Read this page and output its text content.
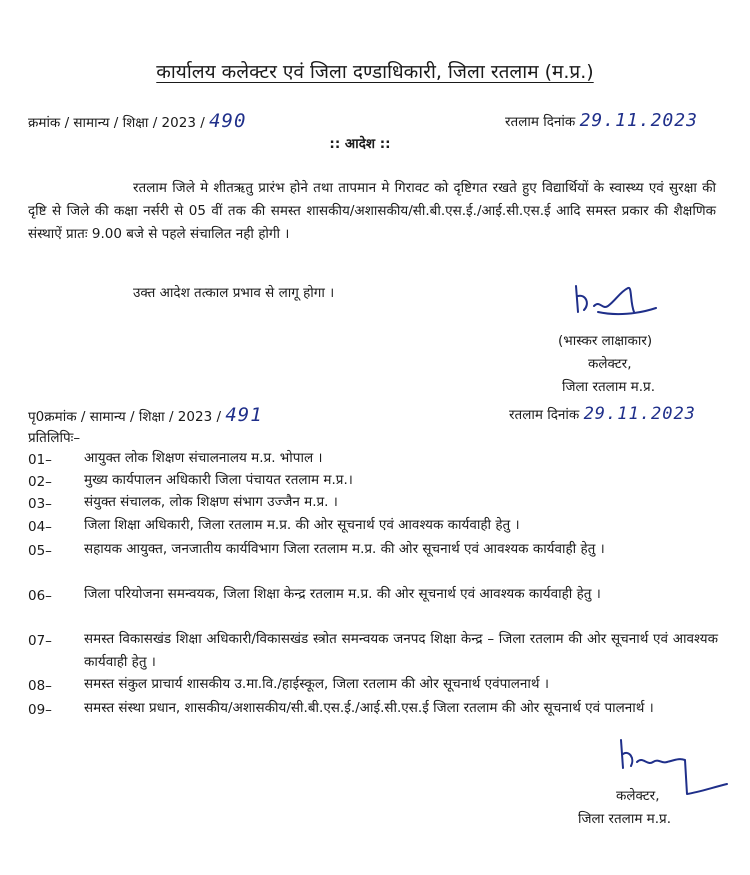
कार्यालय कलेक्टर एवं जिला दण्डाधिकारी, जिला रतलाम (म.प्र.)
क्रमांक / सामान्य / शिक्षा / 2023 / 490	रतलाम दिनांक 29.11.2023
:: आदेश ::
रतलाम जिले मे शीतऋतु प्रारंभ होने तथा तापमान मे गिरावट को दृष्टिगत रखते हुए विद्यार्थियों के स्वास्थ्य एवं सुरक्षा की दृष्टि से जिले की कक्षा नर्सरी से 05 वीं तक की समस्त शासकीय/अशासकीय/सी.बी.एस.ई./आई.सी.एस.ई आदि समस्त प्रकार की शैक्षणिक संस्थाऐं प्रातः 9.00 बजे से पहले संचालित नही होगी ।
उक्त आदेश तत्काल प्रभाव से लागू होगा ।
(भास्कर लाक्षाकार)
कलेक्टर,
जिला रतलाम म.प्र.
पृ0क्रमांक / सामान्य / शिक्षा / 2023 / 491	रतलाम दिनांक 29.11.2023
प्रतिलिपिः–
01– आयुक्त लोक शिक्षण संचालनालय म.प्र. भोपाल ।
02– मुख्य कार्यपालन अधिकारी जिला पंचायत रतलाम म.प्र.।
03– संयुक्त संचालक, लोक शिक्षण संभाग उज्जैन म.प्र. ।
04– जिला शिक्षा अधिकारी, जिला रतलाम म.प्र. की ओर सूचनार्थ एवं आवश्यक कार्यवाही हेतु ।
05– सहायक आयुक्त, जनजातीय कार्यविभाग जिला रतलाम म.प्र. की ओर सूचनार्थ एवं आवश्यक कार्यवाही हेतु ।
06– जिला परियोजना समन्वयक, जिला शिक्षा केन्द्र रतलाम म.प्र. की ओर सूचनार्थ एवं आवश्यक कार्यवाही हेतु ।
07– समस्त विकासखंड शिक्षा अधिकारी/विकासखंड स्त्रोत समन्वयक जनपद शिक्षा केन्द्र – जिला रतलाम की ओर सूचनार्थ एवं आवश्यक कार्यवाही हेतु ।
08– समस्त संकुल प्राचार्य शासकीय उ.मा.वि./हाईस्कूल, जिला रतलाम की ओर सूचनार्थ एवंपालनार्थ ।
09– समस्त संस्था प्रधान, शासकीय/अशासकीय/सी.बी.एस.ई./आई.सी.एस.ई जिला रतलाम की ओर सूचनार्थ एवं पालनार्थ ।
कलेक्टर,
जिला रतलाम म.प्र.
